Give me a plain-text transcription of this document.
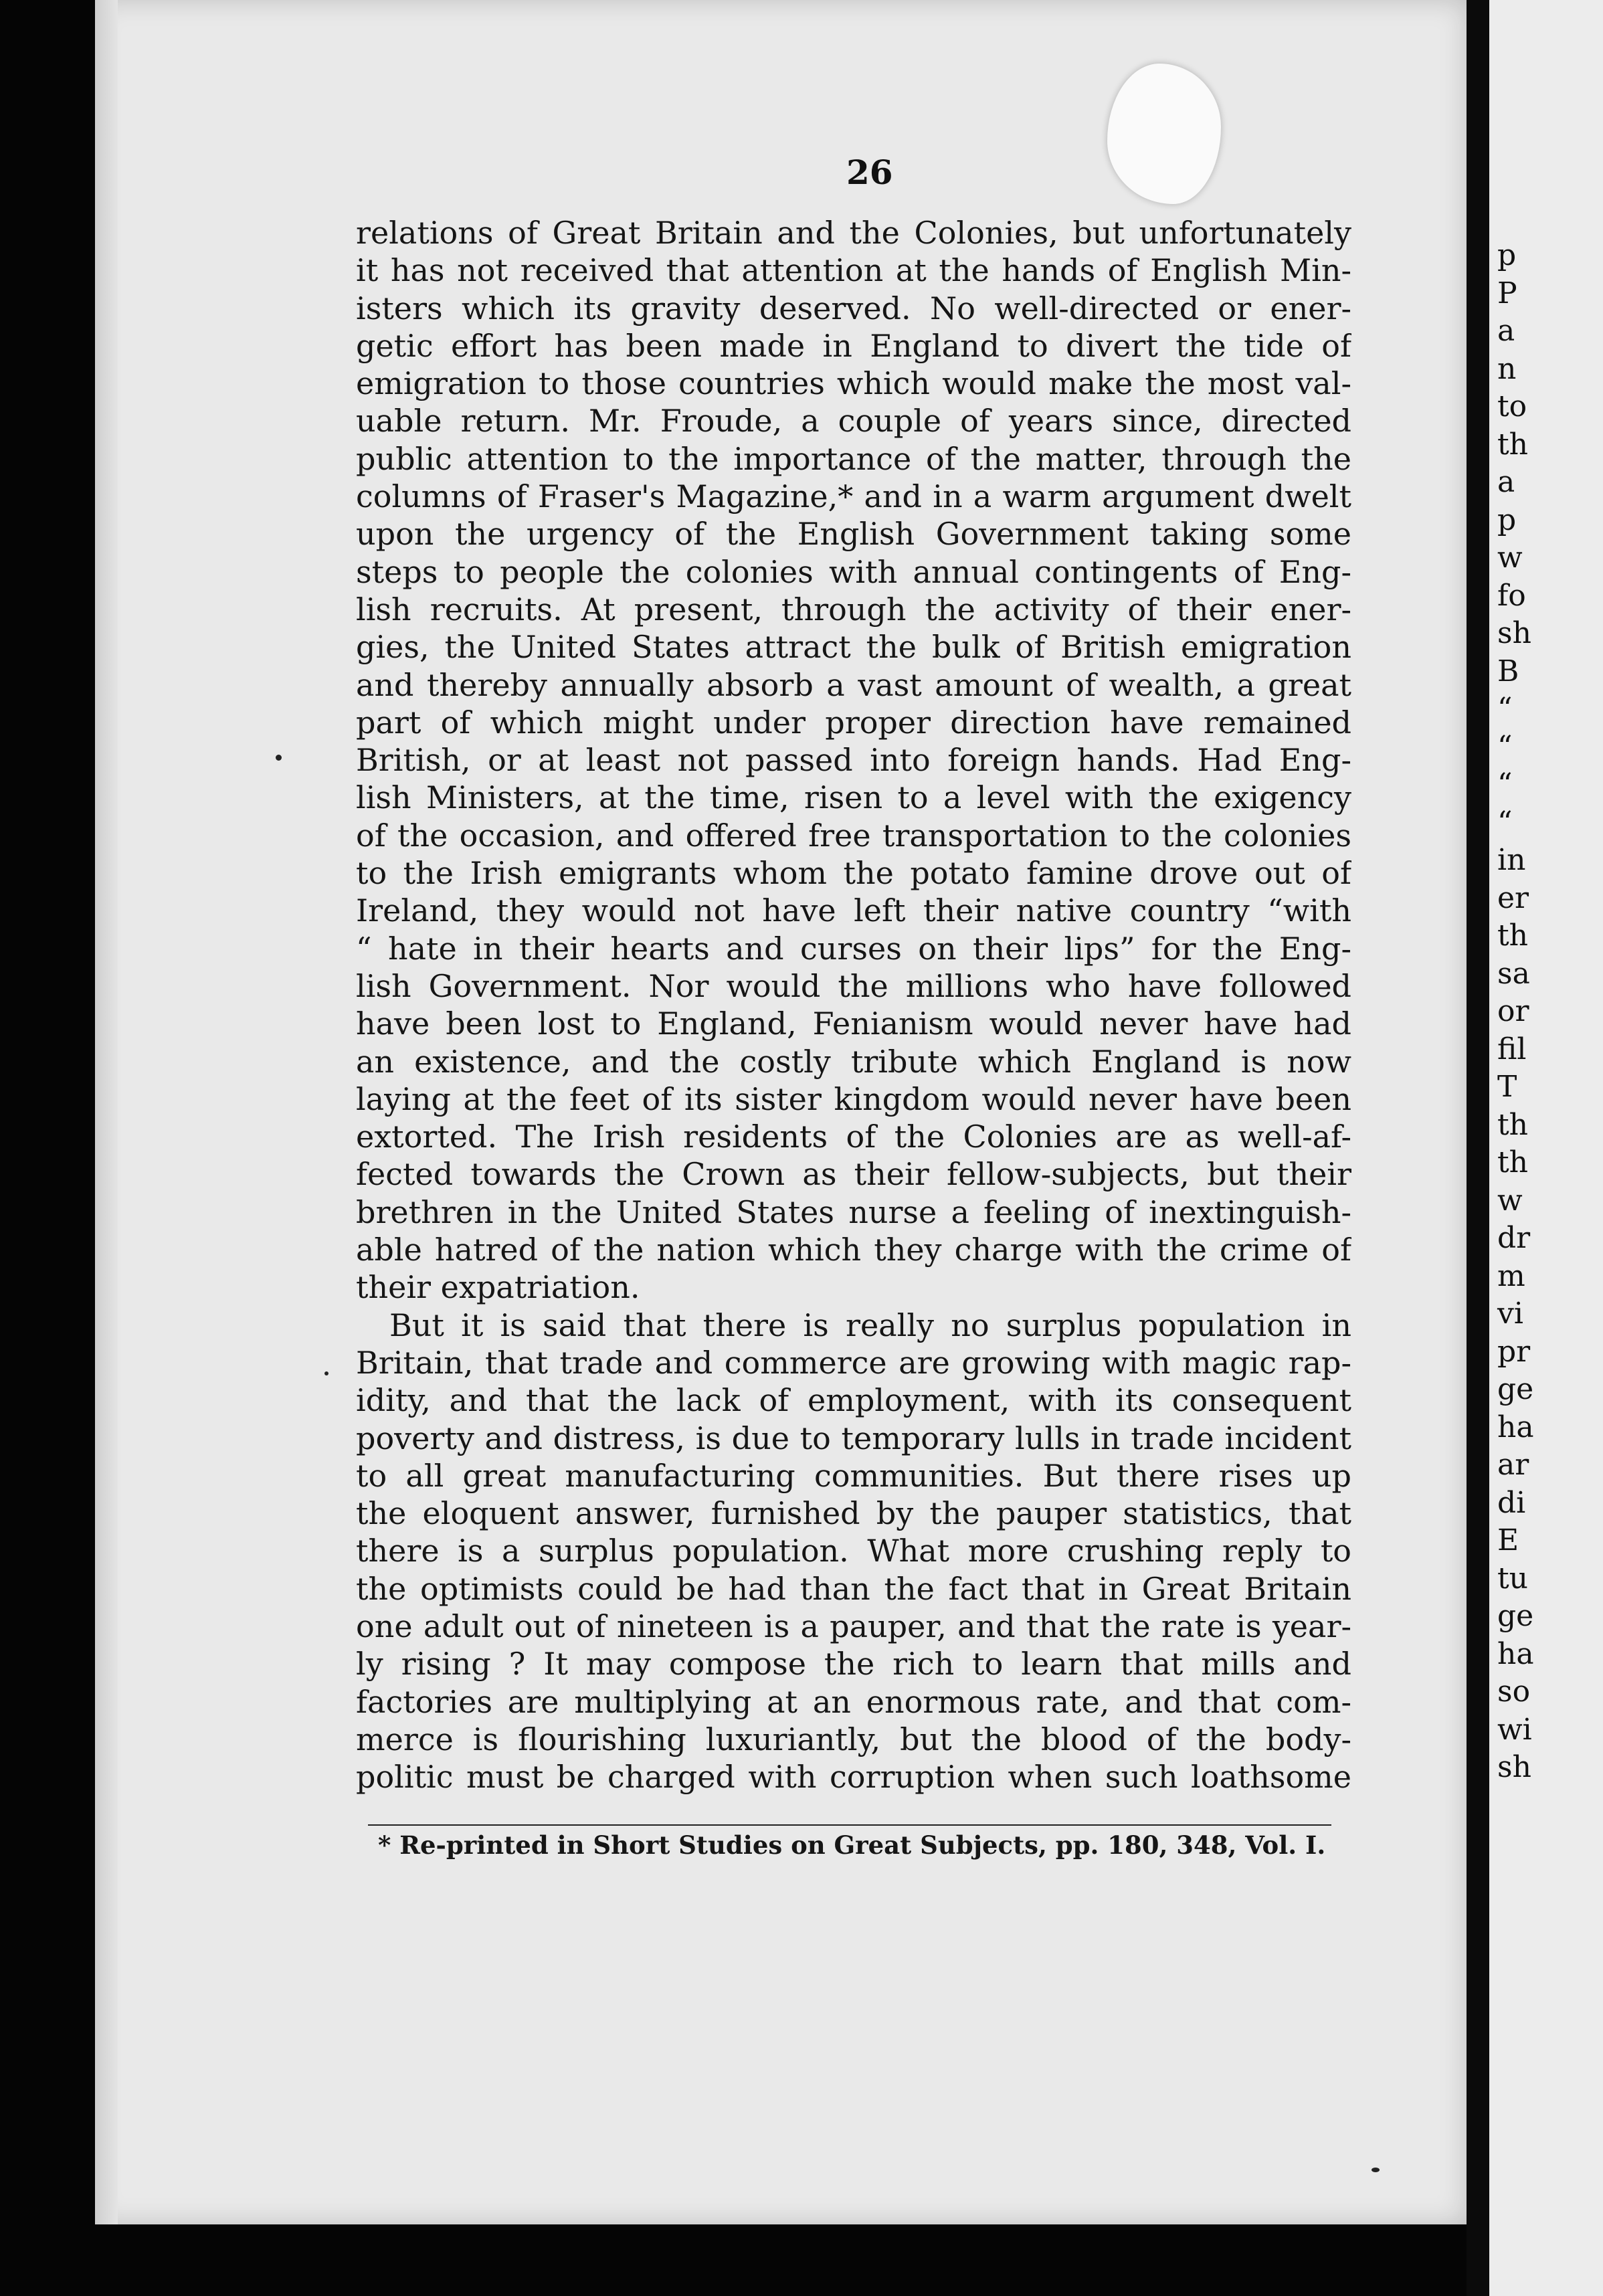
p
P
a
n
to
th
a
p
w
fo
sh
B
“
“
“
“
in
er
th
sa
or
fil
T
th
th
w
dr
m
vi
pr
ge
ha
ar
di
E
tu
ge
ha
so
wi
sh
26
relations of Great Britain and the Colonies, but unfortunately
it has not received that attention at the hands of English Min-
isters which its gravity deserved. No well-directed or ener-
getic effort has been made in England to divert the tide of
emigration to those countries which would make the most val-
uable return. Mr. Froude, a couple of years since, directed
public attention to the importance of the matter, through the
columns of Fraser's Magazine,* and in a warm argument dwelt
upon the urgency of the English Government taking some
steps to people the colonies with annual contingents of Eng-
lish recruits. At present, through the activity of their ener-
gies, the United States attract the bulk of British emigration
and thereby annually absorb a vast amount of wealth, a great
part of which might under proper direction have remained
British, or at least not passed into foreign hands. Had Eng-
lish Ministers, at the time, risen to a level with the exigency
of the occasion, and offered free transportation to the colonies
to the Irish emigrants whom the potato famine drove out of
Ireland, they would not have left their native country “with
“ hate in their hearts and curses on their lips” for the Eng-
lish Government. Nor would the millions who have followed
have been lost to England, Fenianism would never have had
an existence, and the costly tribute which England is now
laying at the feet of its sister kingdom would never have been
extorted. The Irish residents of the Colonies are as well-af-
fected towards the Crown as their fellow-subjects, but their
brethren in the United States nurse a feeling of inextinguish-
able hatred of the nation which they charge with the crime of
their expatriation.
But it is said that there is really no surplus population in
Britain, that trade and commerce are growing with magic rap-
idity, and that the lack of employment, with its consequent
poverty and distress, is due to temporary lulls in trade incident
to all great manufacturing communities. But there rises up
the eloquent answer, furnished by the pauper statistics, that
there is a surplus population. What more crushing reply to
the optimists could be had than the fact that in Great Britain
one adult out of nineteen is a pauper, and that the rate is year-
ly rising ? It may compose the rich to learn that mills and
factories are multiplying at an enormous rate, and that com-
merce is flourishing luxuriantly, but the blood of the body-
politic must be charged with corruption when such loathsome
* Re-printed in Short Studies on Great Subjects, pp. 180, 348, Vol. I.
